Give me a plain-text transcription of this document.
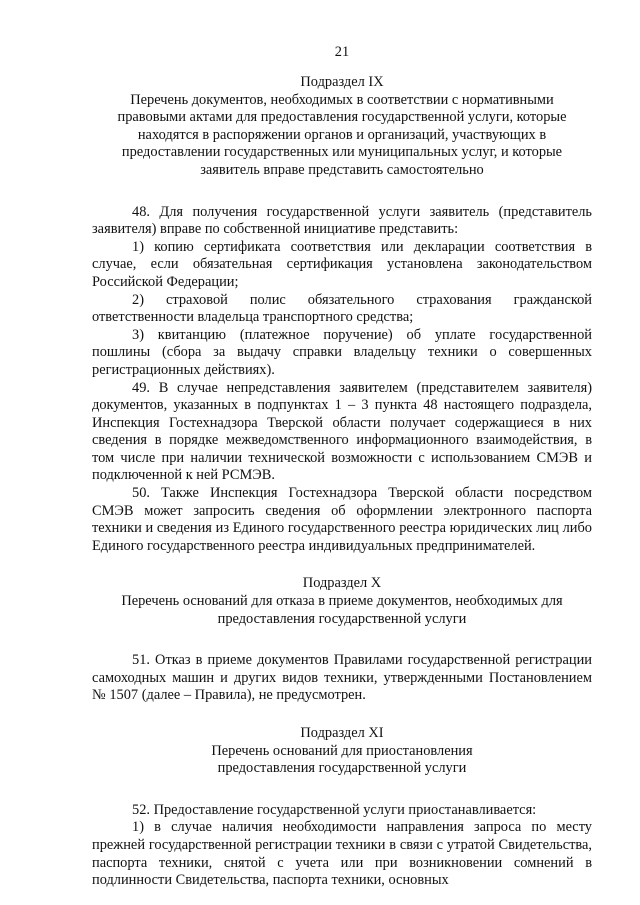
21
Подраздел IX
Перечень документов, необходимых в соответствии с нормативными
правовыми актами для предоставления государственной услуги, которые
находятся в распоряжении органов и организаций, участвующих в
предоставлении государственных или муниципальных услуг, и которые
заявитель вправе представить самостоятельно

48. Для получения государственной услуги заявитель (представитель заявителя) вправе по собственной инициативе представить:

1) копию сертификата соответствия или декларации соответствия в случае, если обязательная сертификация установлена законодательством Российской Федерации;

2) страховой полис обязательного страхования гражданской ответственности владельца транспортного средства;

3) квитанцию (платежное поручение) об уплате государственной пошлины (сбора за выдачу справки владельцу техники о совершенных регистрационных действиях).

49. В случае непредставления заявителем (представителем заявителя) документов, указанных в подпунктах 1 – 3 пункта 48 настоящего подраздела, Инспекция Гостехнадзора Тверской области получает содержащиеся в них сведения в порядке межведомственного информационного взаимодействия, в том числе при наличии технической возможности с использованием СМЭВ и подключенной к ней РСМЭВ.

50. Также Инспекция Гостехнадзора Тверской области посредством СМЭВ может запросить сведения об оформлении электронного паспорта техники и сведения из Единого государственного реестра юридических лиц либо Единого государственного реестра индивидуальных предпринимателей.

Подраздел X
Перечень оснований для отказа в приеме документов, необходимых для
предоставления государственной услуги

51. Отказ в приеме документов Правилами государственной регистрации самоходных машин и других видов техники, утвержденными Постановлением № 1507 (далее – Правила), не предусмотрен.

Подраздел XI
Перечень оснований для приостановления
предоставления государственной услуги

52. Предоставление государственной услуги приостанавливается:

1) в случае наличия необходимости направления запроса по месту прежней государственной регистрации техники в связи с утратой Свидетельства, паспорта техники, снятой с учета или при возникновении сомнений в подлинности Свидетельства, паспорта техники, основных
